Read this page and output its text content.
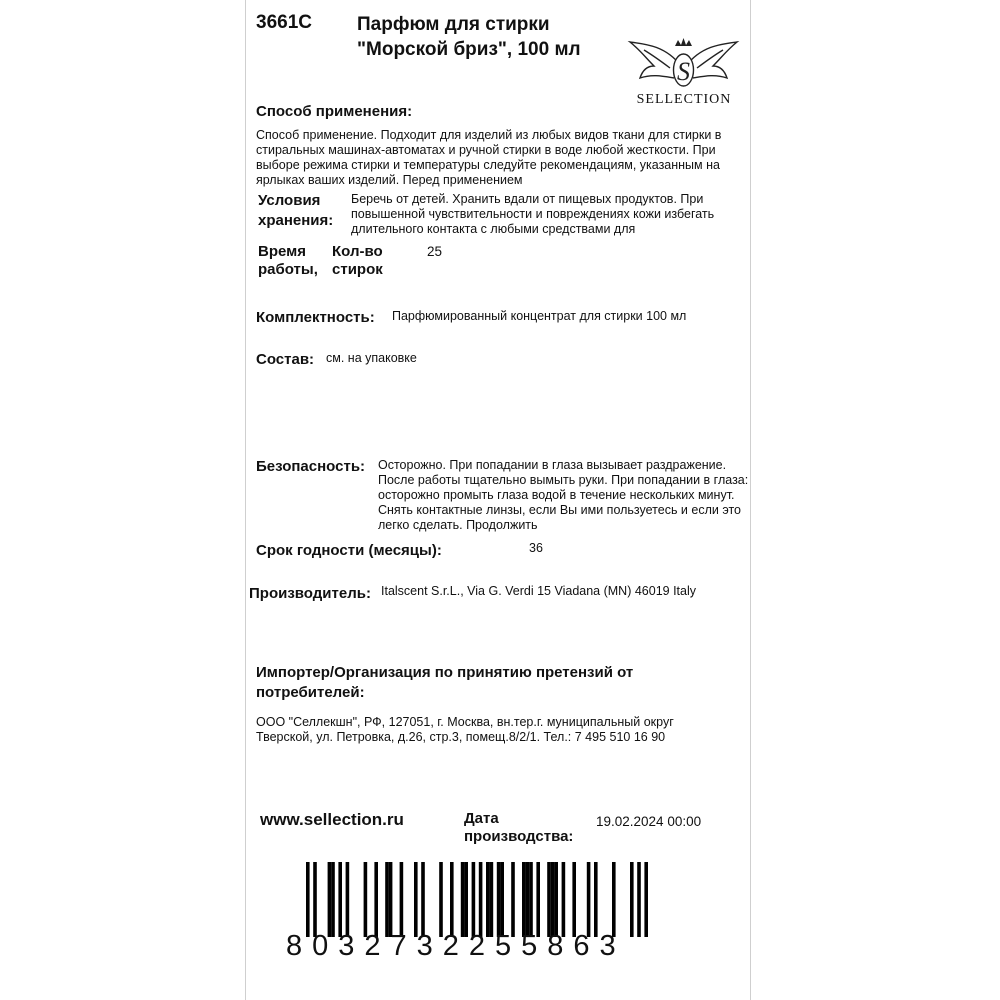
3661C Парфюм для стирки
"Морской бриз", 100 мл
S
SELLECTION
Способ применения:
Способ применение. Подходит для изделий из любых видов ткани для стирки в стиральных машинах-автоматах и ручной стирки в воде любой жесткости. При выборе режима стирки и температуры следуйте рекомендациям, указанным на ярлыках ваших изделий. Перед применением
Условия
хранения:
Беречь от детей. Хранить вдали от пищевых продуктов. При повышенной чувствительности и повреждениях кожи избегать длительного контакта с любыми средствами для
Время
работы,
Кол-во
стирок
25
Комплектность: Парфюмированный концентрат для стирки 100 мл
Состав: см. на упаковке
Безопасность: Осторожно. При попадании в глаза вызывает раздражение. После работы тщательно вымыть руки. При попадании в глаза: осторожно промыть глаза водой в течение нескольких минут. Снять контактные линзы, если Вы ими пользуетесь и если это легко сделать. Продолжить
Срок годности (месяцы):	36
Производитель: Italscent S.r.L., Via G. Verdi 15 Viadana (MN) 46019 Italy
Импортер/Организация по принятию претензий от
потребителей:
ООО "Селлекшн", РФ, 127051, г. Москва, вн.тер.г. муниципальный округ
Тверской, ул. Петровка, д.26, стр.3, помещ.8/2/1. Тел.: 7 495 510 16 90
www.sellection.ru	Дата
производства:
19.02.2024 00:00
8032732255863
